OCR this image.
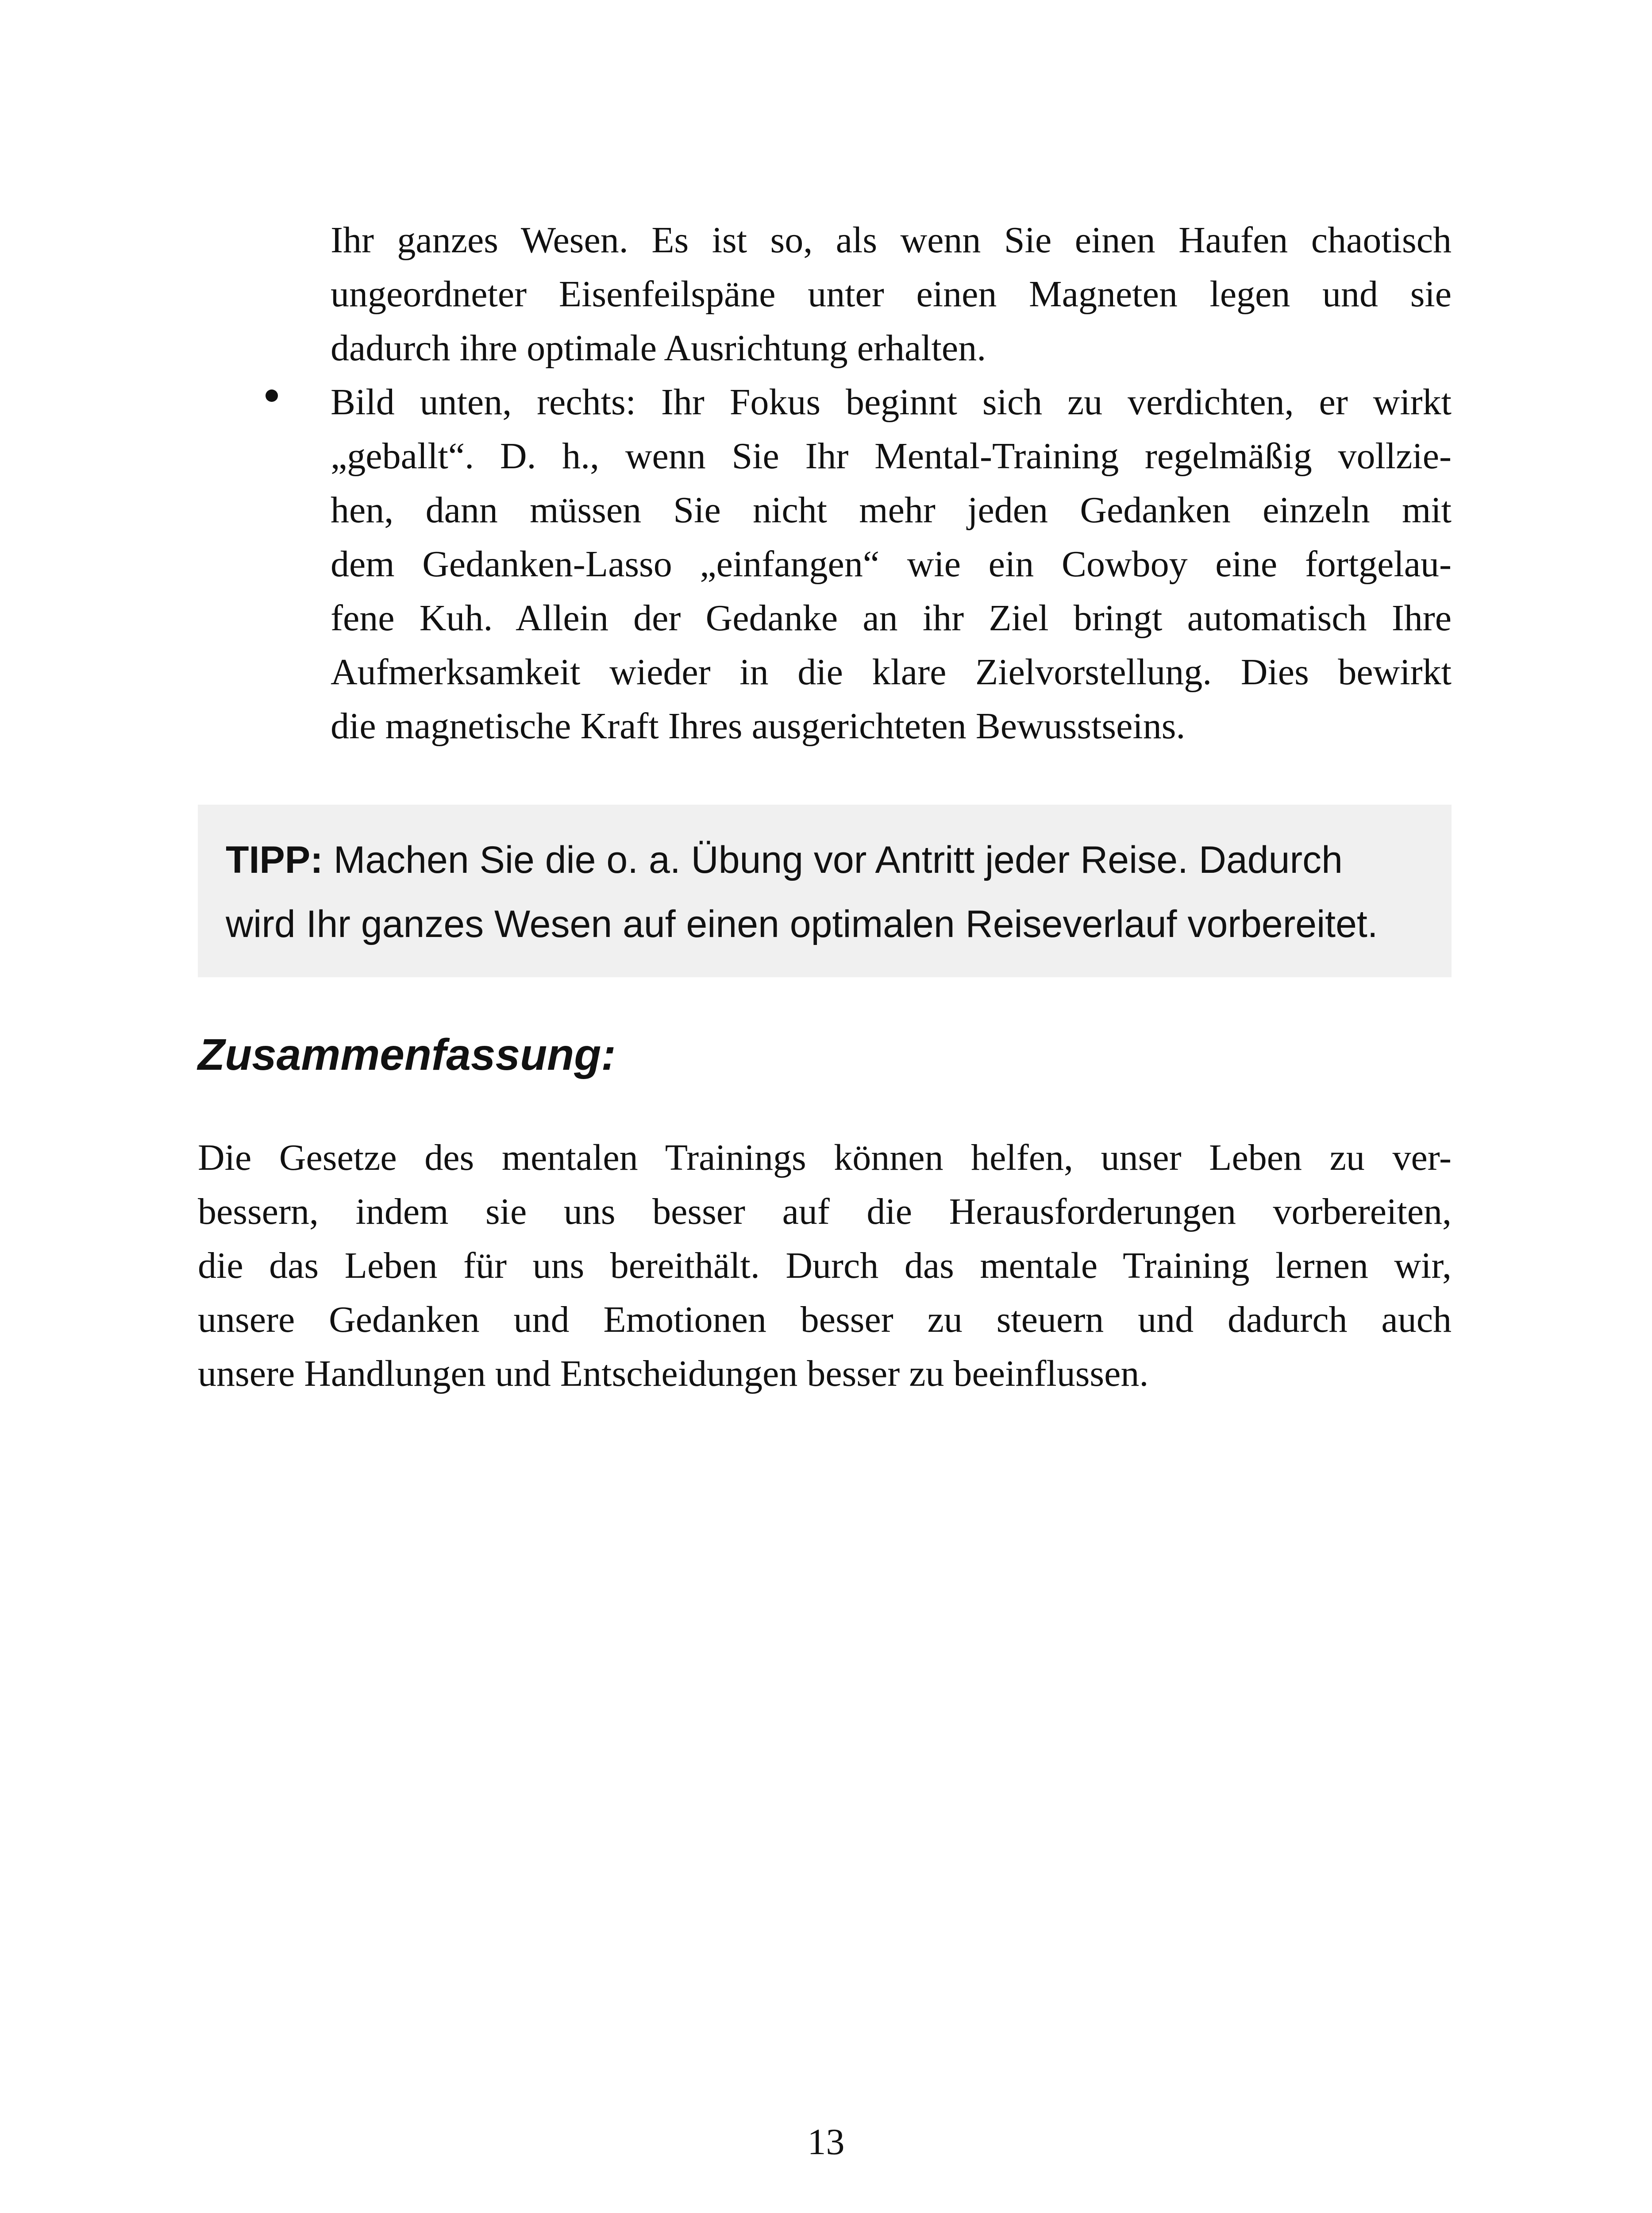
Ihr ganzes Wesen. Es ist so, als wenn Sie einen Haufen chaotisch

ungeordneter Eisenfeilspäne unter einen Magneten legen und sie

dadurch ihre optimale Ausrichtung erhalten.

Bild unten, rechts: Ihr Fokus beginnt sich zu verdichten, er wirkt

„geballt“. D. h., wenn Sie Ihr Mental-Training regelmäßig vollzie-

hen, dann müssen Sie nicht mehr jeden Gedanken einzeln mit

dem Gedanken-Lasso „einfangen“ wie ein Cowboy eine fortgelau-

fene Kuh. Allein der Gedanke an ihr Ziel bringt automatisch Ihre

Aufmerksamkeit wieder in die klare Zielvorstellung. Dies bewirkt

die magnetische Kraft Ihres ausgerichteten Bewusstseins.

TIPP: Machen Sie die o. a. Übung vor Antritt jeder Reise. Dadurch
wird Ihr ganzes Wesen auf einen optimalen Reiseverlauf vorbereitet.
Zusammenfassung:

Die Gesetze des mentalen Trainings können helfen, unser Leben zu ver-

bessern, indem sie uns besser auf die Herausforderungen vorbereiten,

die das Leben für uns bereithält. Durch das mentale Training lernen wir,

unsere Gedanken und Emotionen besser zu steuern und dadurch auch

unsere Handlungen und Entscheidungen besser zu beeinflussen.

13
